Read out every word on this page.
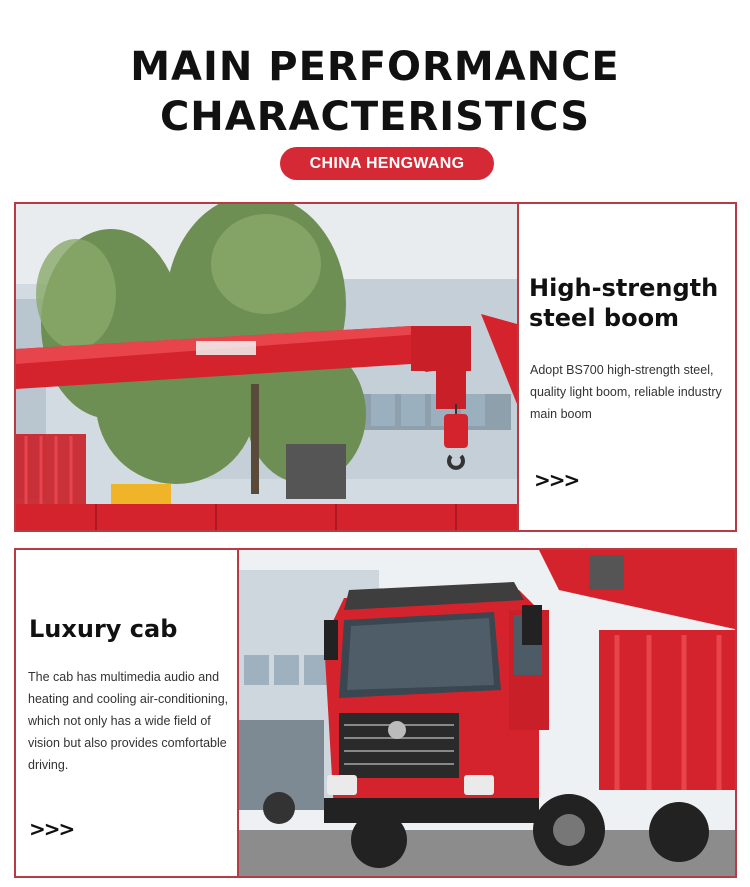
MAIN PERFORMANCE
CHARACTERISTICS
CHINA HENGWANG
High-strength
steel boom
Adopt BS700 high-strength steel, quality light boom, reliable industry main boom
>>>
Luxury cab
The cab has multimedia audio and heating and cooling air-conditioning, which not only has a wide field of vision but also provides comfortable driving.
>>>
